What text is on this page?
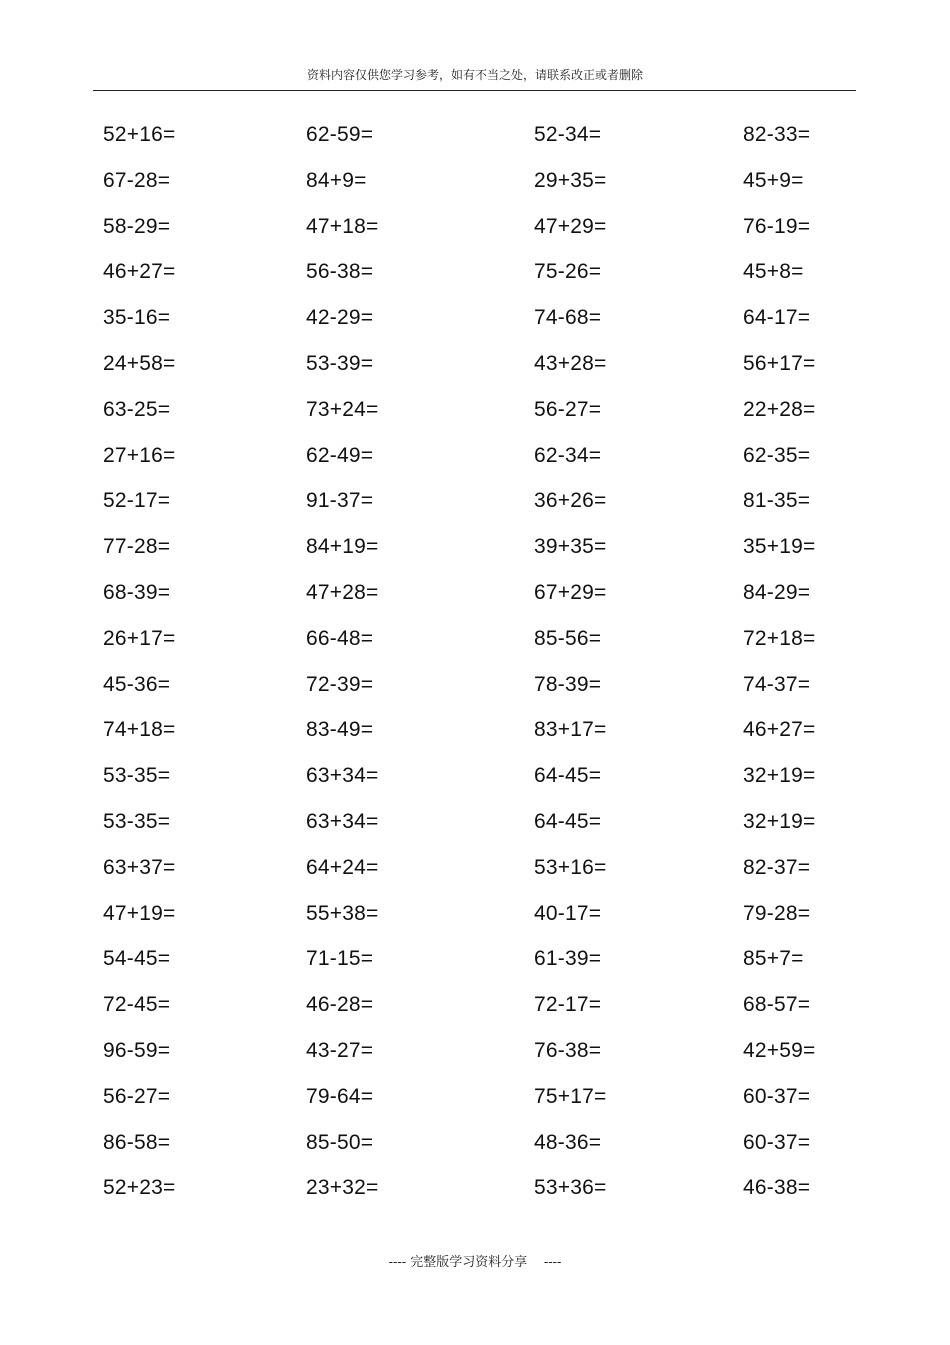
资料内容仅供您学习参考，如有不当之处，请联系改正或者删除
52+16=	62-59=	52-34=	82-33=
67-28=	84+9=	29+35=	45+9=
58-29=	47+18=	47+29=	76-19=
46+27=	56-38=	75-26=	45+8=
35-16=	42-29=	74-68=	64-17=
24+58=	53-39=	43+28=	56+17=
63-25=	73+24=	56-27=	22+28=
27+16=	62-49=	62-34=	62-35=
52-17=	91-37=	36+26=	81-35=
77-28=	84+19=	39+35=	35+19=
68-39=	47+28=	67+29=	84-29=
26+17=	66-48=	85-56=	72+18=
45-36=	72-39=	78-39=	74-37=
74+18=	83-49=	83+17=	46+27=
53-35=	63+34=	64-45=	32+19=
53-35=	63+34=	64-45=	32+19=
63+37=	64+24=	53+16=	82-37=
47+19=	55+38=	40-17=	79-28=
54-45=	71-15=	61-39=	85+7=
72-45=	46-28=	72-17=	68-57=
96-59=	43-27=	76-38=	42+59=
56-27=	79-64=	75+17=	60-37=
86-58=	85-50=	48-36=	60-37=
52+23=	23+32=	53+36=	46-38=
---- 完整版学习资料分享    ----
